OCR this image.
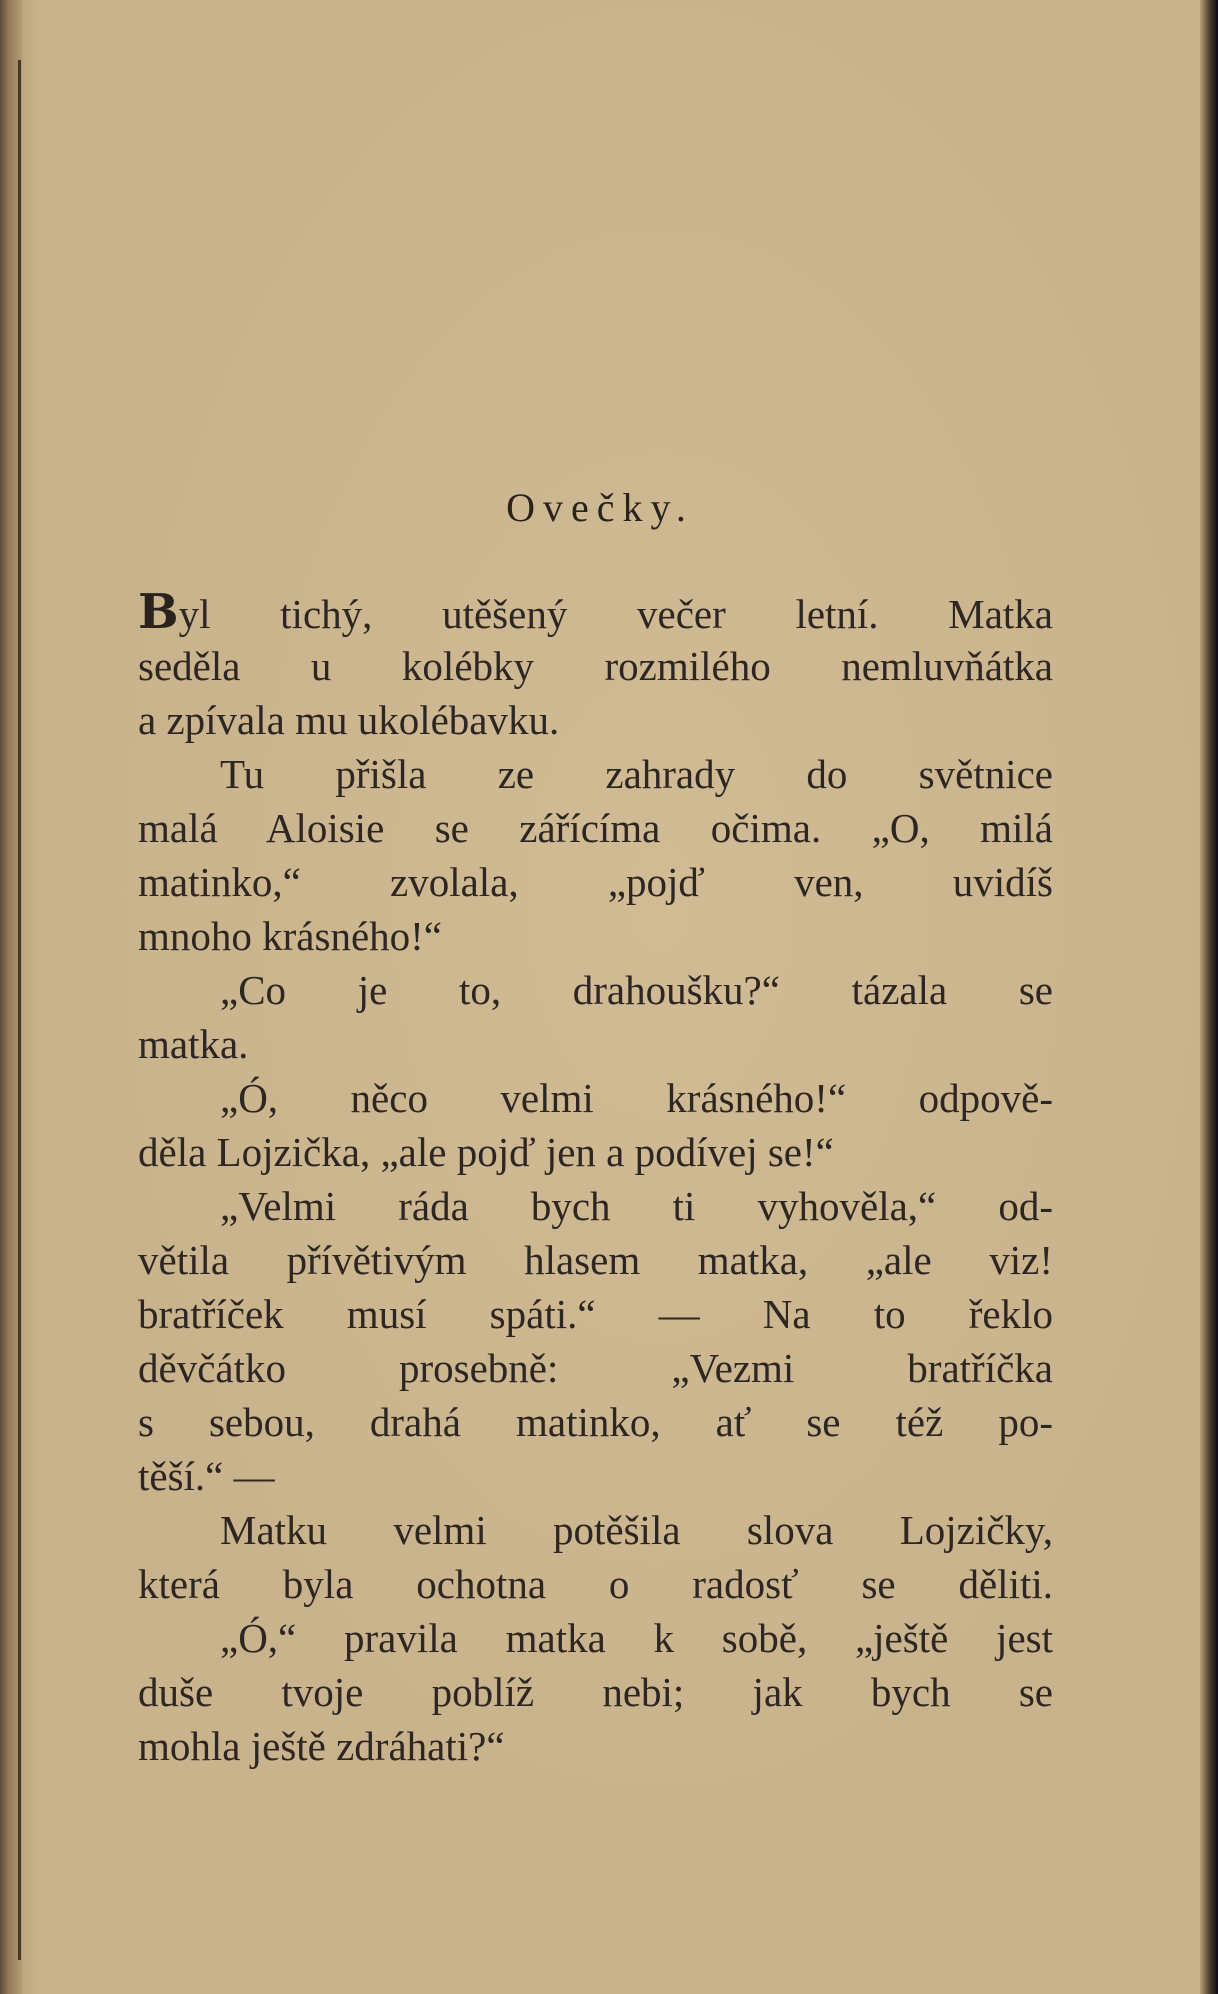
Ovečky.
Byl tichý, utěšený večer letní. Matka
seděla u kolébky rozmilého nemluvňátka
a zpívala mu ukolébavku.
Tu přišla ze zahrady do světnice
malá Aloisie se zářícíma očima. „O, milá
matinko,“ zvolala, „pojď ven, uvidíš
mnoho krásného!“
„Co je to, drahoušku?“ tázala se
matka.
„Ó, něco velmi krásného!“ odpově-
děla Lojzička, „ale pojď jen a podívej se!“
„Velmi ráda bych ti vyhověla,“ od-
větila přívětivým hlasem matka, „ale viz!
bratříček musí spáti.“ — Na to řeklo
děvčátko prosebně: „Vezmi bratříčka
s sebou, drahá matinko, ať se též po-
těší.“ —
Matku velmi potěšila slova Lojzičky,
která byla ochotna o radosť se děliti.
„Ó,“ pravila matka k sobě, „ještě jest
duše tvoje poblíž nebi; jak bych se
mohla ještě zdráhati?“
